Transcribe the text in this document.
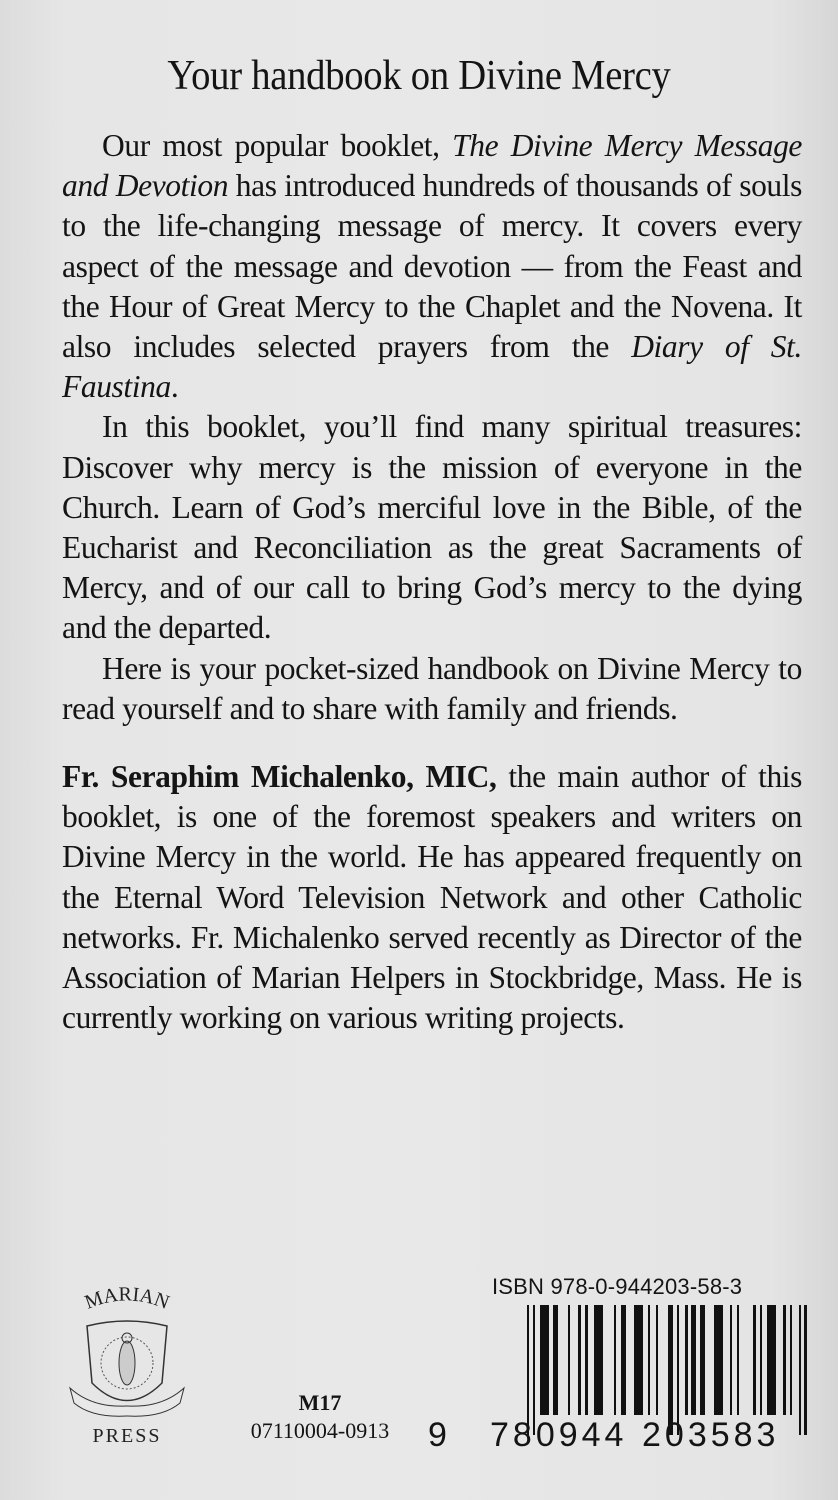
Your handbook on Divine Mercy

Our most popular booklet, The Divine Mercy Message and Devotion has introduced hundreds of thousands of souls to the life-changing message of mercy. It covers every aspect of the message and devotion — from the Feast and the Hour of Great Mercy to the Chaplet and the Novena. It also includes selected prayers from the Diary of St. Faustina.

In this booklet, you’ll find many spiritual treasures: Discover why mercy is the mission of everyone in the Church. Learn of God’s merciful love in the Bible, of the Eucharist and Reconciliation as the great Sacraments of Mercy, and of our call to bring God’s mercy to the dying and the departed.

Here is your pocket-sized handbook on Divine Mercy to read yourself and to share with family and friends.

Fr. Seraphim Michalenko, MIC, the main author of this booklet, is one of the foremost speakers and writers on Divine Mercy in the world. He has appeared frequently on the Eternal Word Television Network and other Catholic networks. Fr. Michalenko served recently as Director of the Association of Marian Helpers in Stockbridge, Mass. He is currently working on various writing projects.

MARIAN
PRESS
M17
07110004-0913
ISBN 978-0-944203-58-3
9 780944 203583
